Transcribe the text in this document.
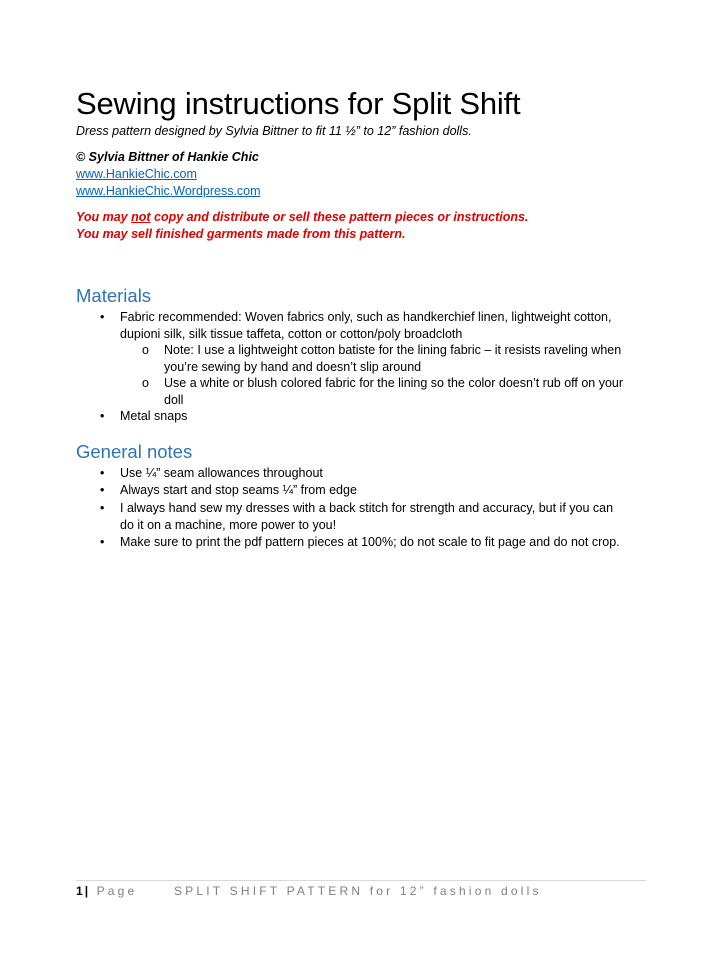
Sewing instructions for Split Shift
Dress pattern designed by Sylvia Bittner to fit 11 ½” to 12” fashion dolls.
© Sylvia Bittner of Hankie Chic
www.HankieChic.com
www.HankieChic.Wordpress.com
You may not copy and distribute or sell these pattern pieces or instructions.
You may sell finished garments made from this pattern.
Materials
• Fabric recommended: Woven fabrics only, such as handkerchief linen, lightweight cotton, dupioni silk, silk tissue taffeta, cotton or cotton/poly broadcloth
o Note: I use a lightweight cotton batiste for the lining fabric – it resists raveling when you’re sewing by hand and doesn’t slip around
o Use a white or blush colored fabric for the lining so the color doesn’t rub off on your doll
• Metal snaps
General notes
• Use ¼” seam allowances throughout
• Always start and stop seams ¼” from edge
• I always hand sew my dresses with a back stitch for strength and accuracy, but if you can do it on a machine, more power to you!
• Make sure to print the pdf pattern pieces at 100%; do not scale to fit page and do not crop.
1 | Page	SPLIT SHIFT PATTERN for 12” fashion dolls
